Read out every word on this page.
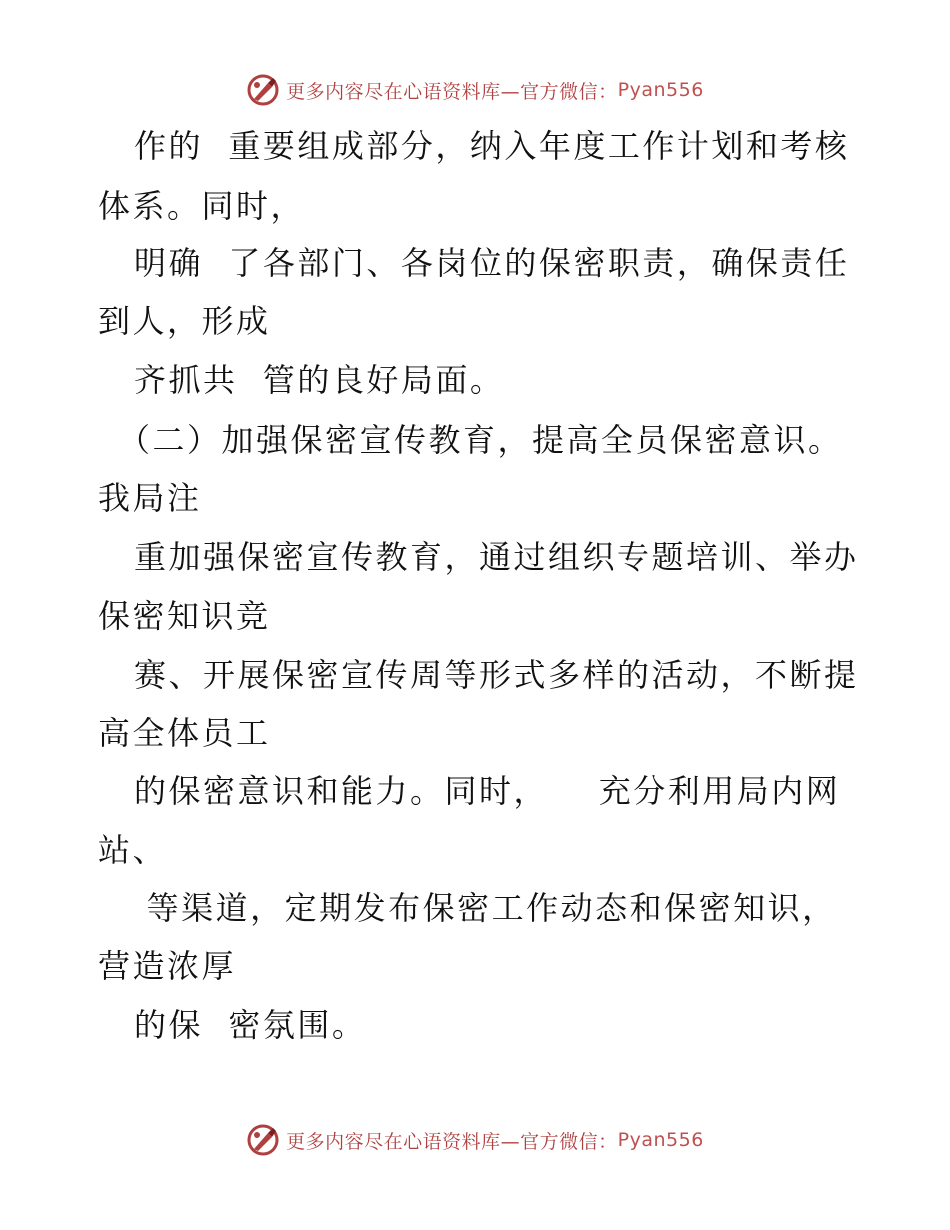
更多内容尽在心语资料库—官方微信： Pyan556
作的  重要组成部分，纳入年度工作计划和考核
体系。同时，
明确  了各部门、各岗位的保密职责，确保责任
到人，形成
齐抓共  管的良好局面。
（二）加强保密宣传教育，提高全员保密意识。
我局注
重加强保密宣传教育，通过组织专题培训、举办
保密知识竞
赛、开展保密宣传周等形式多样的活动，不断提
高全体员工
的保密意识和能力。同时，    充分利用局内网
站、
等渠道，定期发布保密工作动态和保密知识，
营造浓厚
的保  密氛围。
更多内容尽在心语资料库—官方微信： Pyan556
